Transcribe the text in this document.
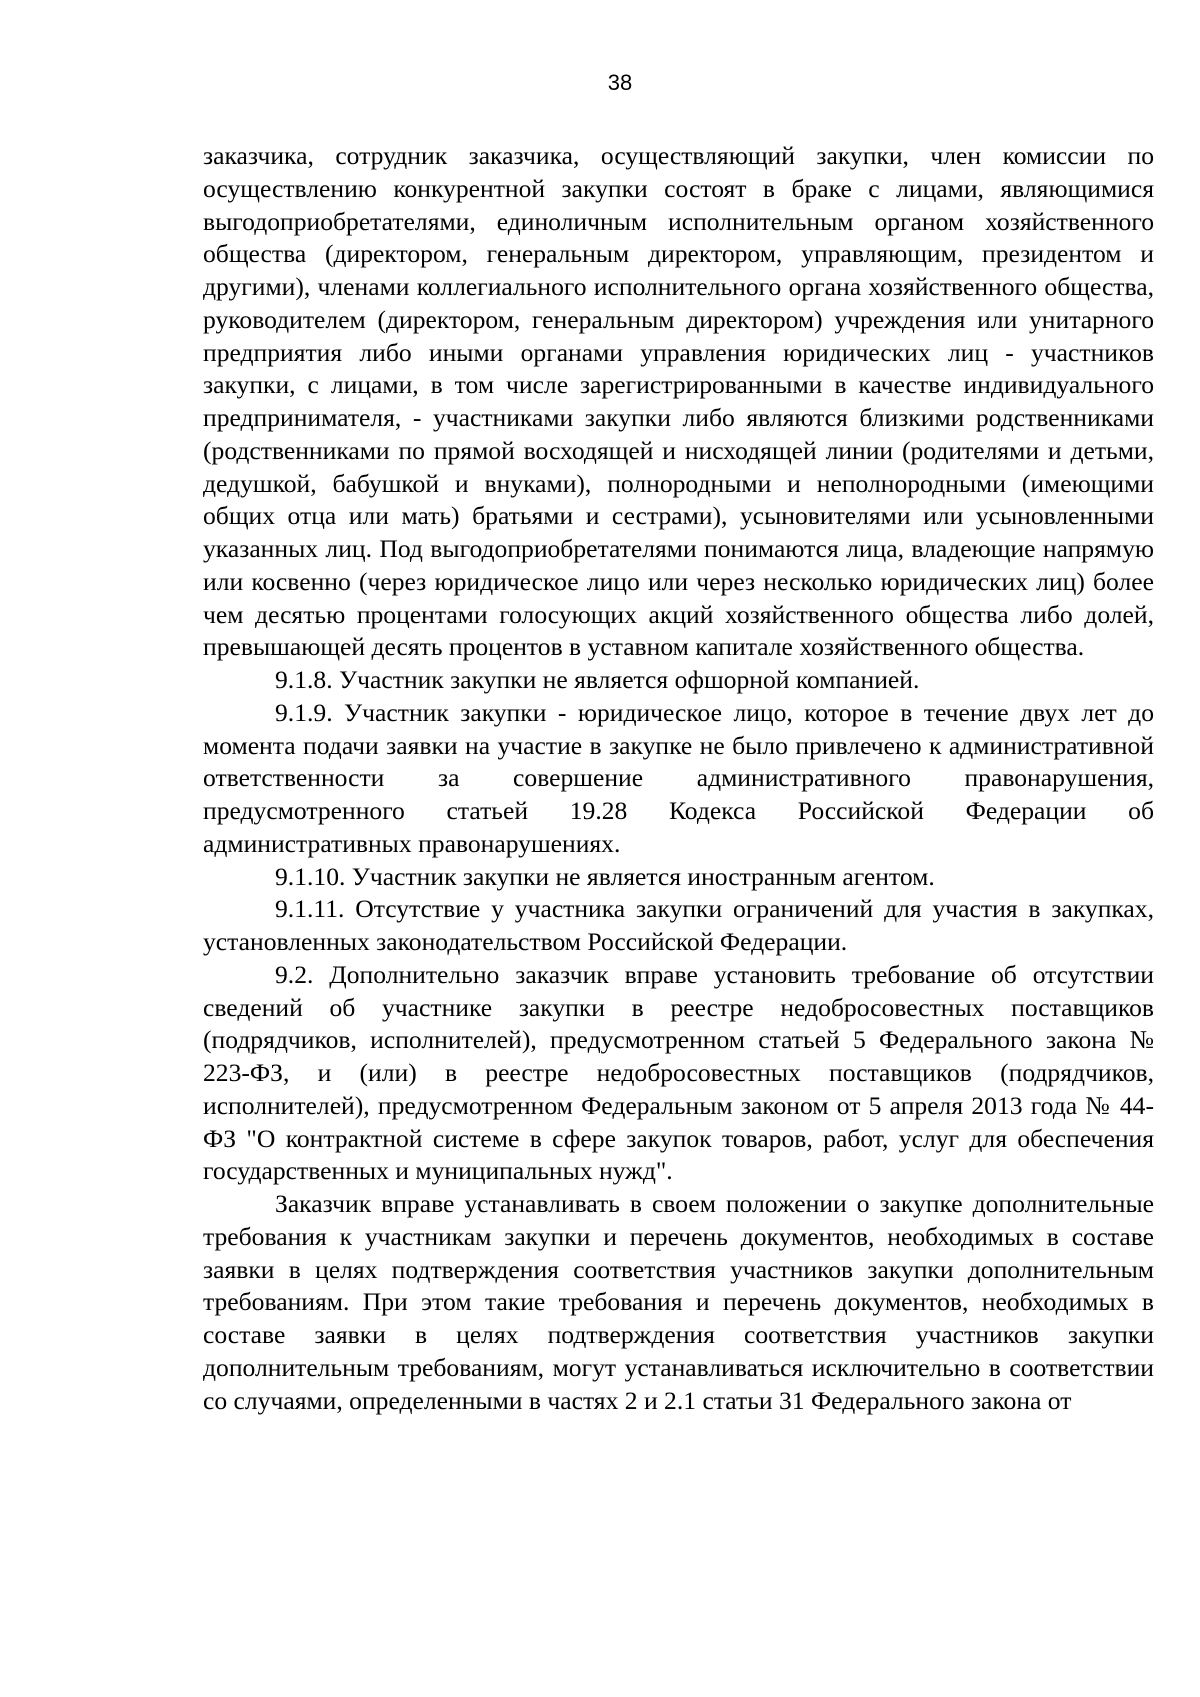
38

заказчика, сотрудник заказчика, осуществляющий закупки, член комиссии по осуществлению конкурентной закупки состоят в браке с лицами, являющимися выгодоприобретателями, единоличным исполнительным органом хозяйственного общества (директором, генеральным директором, управляющим, президентом и другими), членами коллегиального исполнительного органа хозяйственного общества, руководителем (директором, генеральным директором) учреждения или унитарного предприятия либо иными органами управления юридических лиц - участников закупки, с лицами, в том числе зарегистрированными в качестве индивидуального предпринимателя, - участниками закупки либо являются близкими родственниками (родственниками по прямой восходящей и нисходящей линии (родителями и детьми, дедушкой, бабушкой и внуками), полнородными и неполнородными (имеющими общих отца или мать) братьями и сестрами), усыновителями или усыновленными указанных лиц. Под выгодоприобретателями понимаются лица, владеющие напрямую или косвенно (через юридическое лицо или через несколько юридических лиц) более чем десятью процентами голосующих акций хозяйственного общества либо долей, превышающей десять процентов в уставном капитале хозяйственного общества.

9.1.8. Участник закупки не является офшорной компанией.

9.1.9. Участник закупки - юридическое лицо, которое в течение двух лет до момента подачи заявки на участие в закупке не было привлечено к административной ответственности за совершение административного правонарушения, предусмотренного статьей 19.28 Кодекса Российской Федерации об административных правонарушениях.

9.1.10. Участник закупки не является иностранным агентом.

9.1.11. Отсутствие у участника закупки ограничений для участия в закупках, установленных законодательством Российской Федерации.

9.2. Дополнительно заказчик вправе установить требование об отсутствии сведений об участнике закупки в реестре недобросовестных поставщиков (подрядчиков, исполнителей), предусмотренном статьей 5 Федерального закона № 223-ФЗ, и (или) в реестре недобросовестных поставщиков (подрядчиков, исполнителей), предусмотренном Федеральным законом от 5 апреля 2013 года № 44-ФЗ "О контрактной системе в сфере закупок товаров, работ, услуг для обеспечения государственных и муниципальных нужд".

Заказчик вправе устанавливать в своем положении о закупке дополнительные требования к участникам закупки и перечень документов, необходимых в составе заявки в целях подтверждения соответствия участников закупки дополнительным требованиям. При этом такие требования и перечень документов, необходимых в составе заявки в целях подтверждения соответствия участников закупки дополнительным требованиям, могут устанавливаться исключительно в соответствии со случаями, определенными в частях 2 и 2.1 статьи 31 Федерального закона от
